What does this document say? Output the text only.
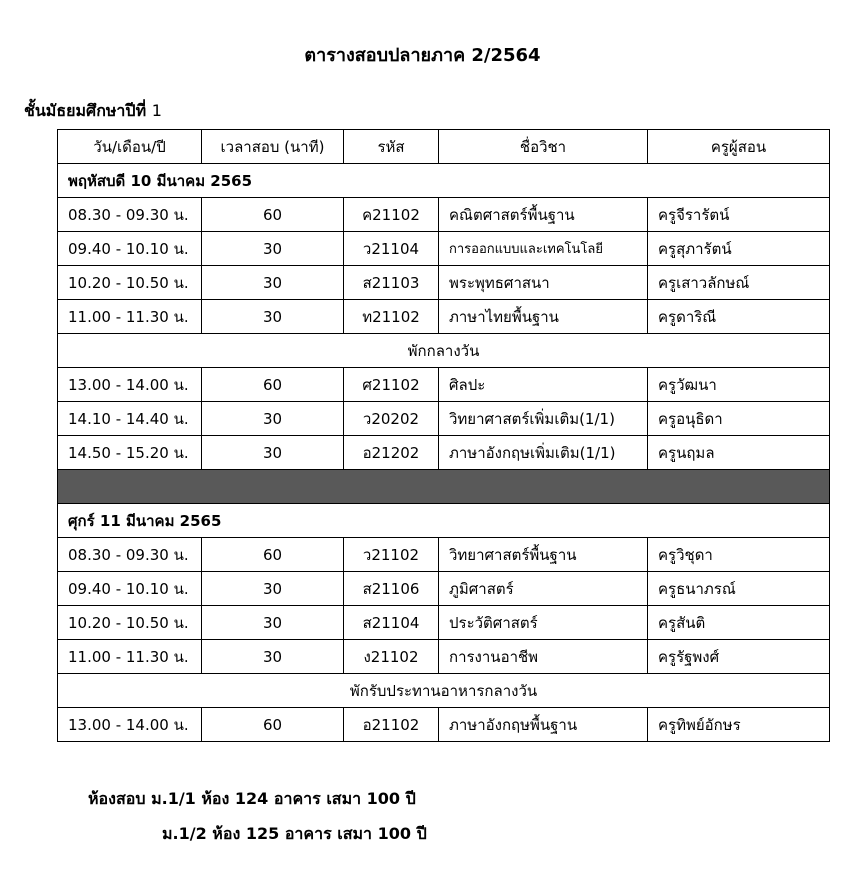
ตารางสอบปลายภาค 2/2564
ชั้นมัธยมศึกษาปีที่ 1
วัน/เดือน/ปี	เวลาสอบ (นาที)	รหัส	ชื่อวิชา	ครูผู้สอน
พฤหัสบดี 10 มีนาคม 2565				
08.30 - 09.30 น.	60	ค21102	คณิตศาสตร์พื้นฐาน	ครูจีรารัตน์
09.40 - 10.10 น.	30	ว21104	การออกแบบและเทคโนโลยี	ครูสุภารัตน์
10.20 - 10.50 น.	30	ส21103	พระพุทธศาสนา	ครูเสาวลักษณ์
11.00 - 11.30 น.	30	ท21102	ภาษาไทยพื้นฐาน	ครูดาริณี
พักกลางวัน				
13.00 - 14.00 น.	60	ศ21102	ศิลปะ	ครูวัฒนา
14.10 - 14.40 น.	30	ว20202	วิทยาศาสตร์เพิ่มเติม(1/1)	ครูอนุธิดา
14.50 - 15.20 น.	30	อ21202	ภาษาอังกฤษเพิ่มเติม(1/1)	ครูนฤมล

ศุกร์ 11 มีนาคม 2565				
08.30 - 09.30 น.	60	ว21102	วิทยาศาสตร์พื้นฐาน	ครูวิชุดา
09.40 - 10.10 น.	30	ส21106	ภูมิศาสตร์	ครูธนาภรณ์
10.20 - 10.50 น.	30	ส21104	ประวัติศาสตร์	ครูสันติ
11.00 - 11.30 น.	30	ง21102	การงานอาชีพ	ครูรัฐพงศ์
พักรับประทานอาหารกลางวัน				
13.00 - 14.00 น.	60	อ21102	ภาษาอังกฤษพื้นฐาน	ครูทิพย์อักษร
ห้องสอบ ม.1/1 ห้อง 124 อาคาร เสมา 100 ปี
ม.1/2 ห้อง 125 อาคาร เสมา 100 ปี
